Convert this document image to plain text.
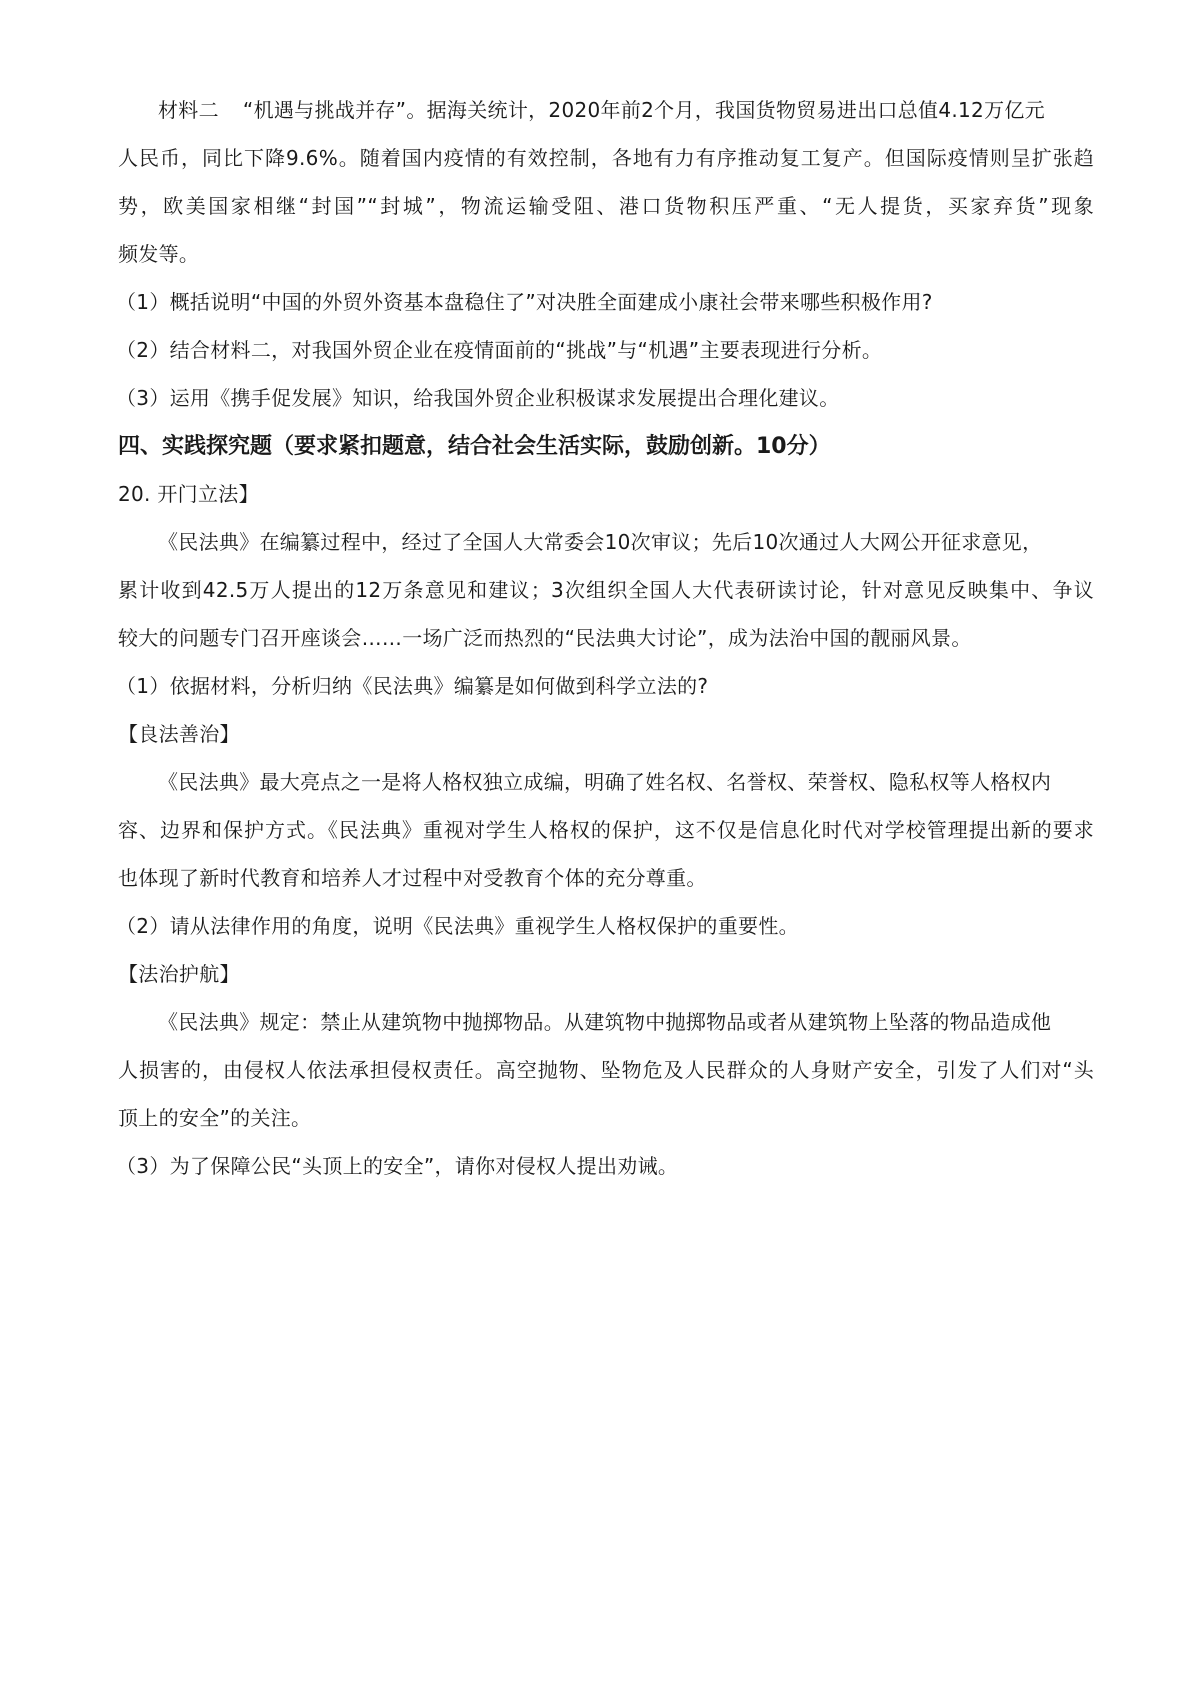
材料二 “机遇与挑战并存”。据海关统计，2020年前2个月，我国货物贸易进出口总值4.12万亿元
人民币，同比下降9.6%。随着国内疫情的有效控制，各地有力有序推动复工复产。但国际疫情则呈扩张趋
势，欧美国家相继“封国”“封城”，物流运输受阻、港口货物积压严重、“无人提货，买家弃货”现象
频发等。
（1）概括说明“中国的外贸外资基本盘稳住了”对决胜全面建成小康社会带来哪些积极作用?
（2）结合材料二，对我国外贸企业在疫情面前的“挑战”与“机遇”主要表现进行分析。
（3）运用《携手促发展》知识，给我国外贸企业积极谋求发展提出合理化建议。
四、实践探究题（要求紧扣题意，结合社会生活实际，鼓励创新。10分）
20. 开门立法】
《民法典》在编纂过程中，经过了全国人大常委会10次审议；先后10次通过人大网公开征求意见，
累计收到42.5万人提出的12万条意见和建议；3次组织全国人大代表研读讨论，针对意见反映集中、争议
较大的问题专门召开座谈会……一场广泛而热烈的“民法典大讨论”，成为法治中国的靓丽风景。
（1）依据材料，分析归纳《民法典》编纂是如何做到科学立法的?
【良法善治】
《民法典》最大亮点之一是将人格权独立成编，明确了姓名权、名誉权、荣誉权、隐私权等人格权内
容、边界和保护方式。《民法典》重视对学生人格权的保护，这不仅是信息化时代对学校管理提出新的要求
也体现了新时代教育和培养人才过程中对受教育个体的充分尊重。
（2）请从法律作用的角度，说明《民法典》重视学生人格权保护的重要性。
【法治护航】
《民法典》规定：禁止从建筑物中抛掷物品。从建筑物中抛掷物品或者从建筑物上坠落的物品造成他
人损害的，由侵权人依法承担侵权责任。高空抛物、坠物危及人民群众的人身财产安全，引发了人们对“头
顶上的安全”的关注。
（3）为了保障公民“头顶上的安全”，请你对侵权人提出劝诫。
